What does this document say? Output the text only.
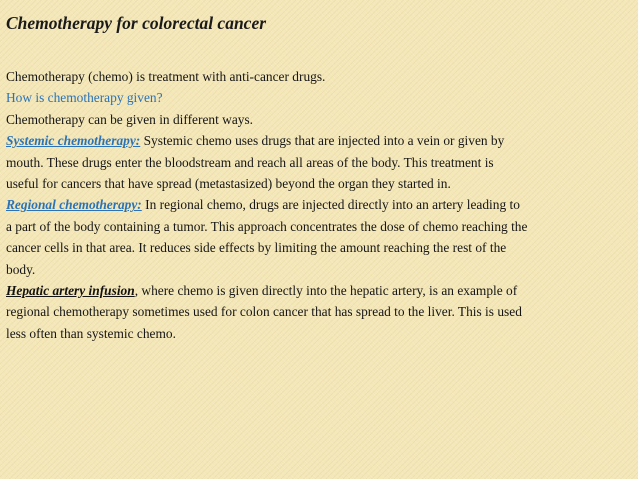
Chemotherapy for colorectal cancer
Chemotherapy (chemo) is treatment with anti-cancer drugs.
How is chemotherapy given?
Chemotherapy can be given in different ways.
Systemic chemotherapy: Systemic chemo uses drugs that are injected into a vein or given by
mouth. These drugs enter the bloodstream and reach all areas of the body. This treatment is
useful for cancers that have spread (metastasized) beyond the organ they started in.
Regional chemotherapy: In regional chemo, drugs are injected directly into an artery leading to
a part of the body containing a tumor. This approach concentrates the dose of chemo reaching the
cancer cells in that area. It reduces side effects by limiting the amount reaching the rest of the
body.
Hepatic artery infusion, where chemo is given directly into the hepatic artery, is an example of
regional chemotherapy sometimes used for colon cancer that has spread to the liver. This is used
less often than systemic chemo.
